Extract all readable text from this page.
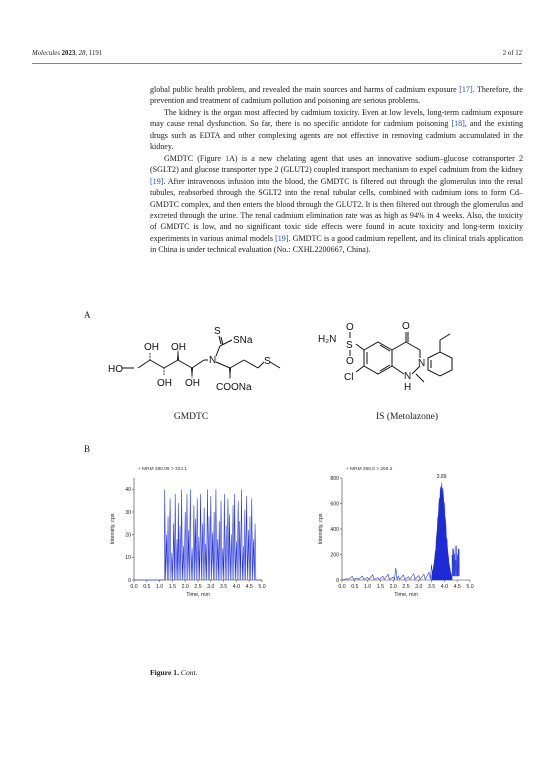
Molecules 2023, 28, 1191	2 of 12

global public health problem, and revealed the main sources and harms of cadmium exposure [17]. Therefore, the prevention and treatment of cadmium pollution and poisoning are serious problems.

The kidney is the organ most affected by cadmium toxicity. Even at low levels, long-term cadmium exposure may cause renal dysfunction. So far, there is no specific antidote for cadmium poisoning [18], and the existing drugs such as EDTA and other complexing agents are not effective in removing cadmium accumulated in the kidney.

GMDTC (Figure 1A) is a new chelating agent that uses an innovative sodium–glucose cotransporter 2 (SGLT2) and glucose transporter type 2 (GLUT2) coupled transport mechanism to expel cadmium from the kidney [19]. After intravenous infusion into the blood, the GMDTC is filtered out through the glomerulus into the renal tubules, reabsorbed through the SGLT2 into the renal tubular cells, combined with cadmium ions to form Cd–GMDTC complex, and then enters the blood through the GLUT2. It is then filtered out through the glomerulus and excreted through the urine. The renal cadmium elimination rate was as high as 94% in 4 weeks. Also, the toxicity of GMDTC is low, and no significant toxic side effects were found in acute toxicity and long-term toxicity experiments in various animal models [19]. GMDTC is a good cadmium repellent, and its clinical trials application in China is under technical evaluation (No.: CXHL2200667, China).

A
HO
OH OH
OH OH
N
S
SNa
S
COONa
GMDTC
H₂N
S
O
O
O
N
Cl	N
H
IS (Metolazone)
B
+ MRM 390.06 > 324.1
0.0 0.5 1.0 1.5 2.0 2.5 3.0 3.5 4.0 4.5 5.0
0
10
20
30
40
Time, min
Intensity, cps
+ MRM 366.0 > 259.2
0.0 0.5 1.0 1.5 2.0 2.5 3.0 3.5 4.0 4.5 5.0
0
200
400
600
800
Time, min
Intensity, cps
3.89
Figure 1. Cont.
